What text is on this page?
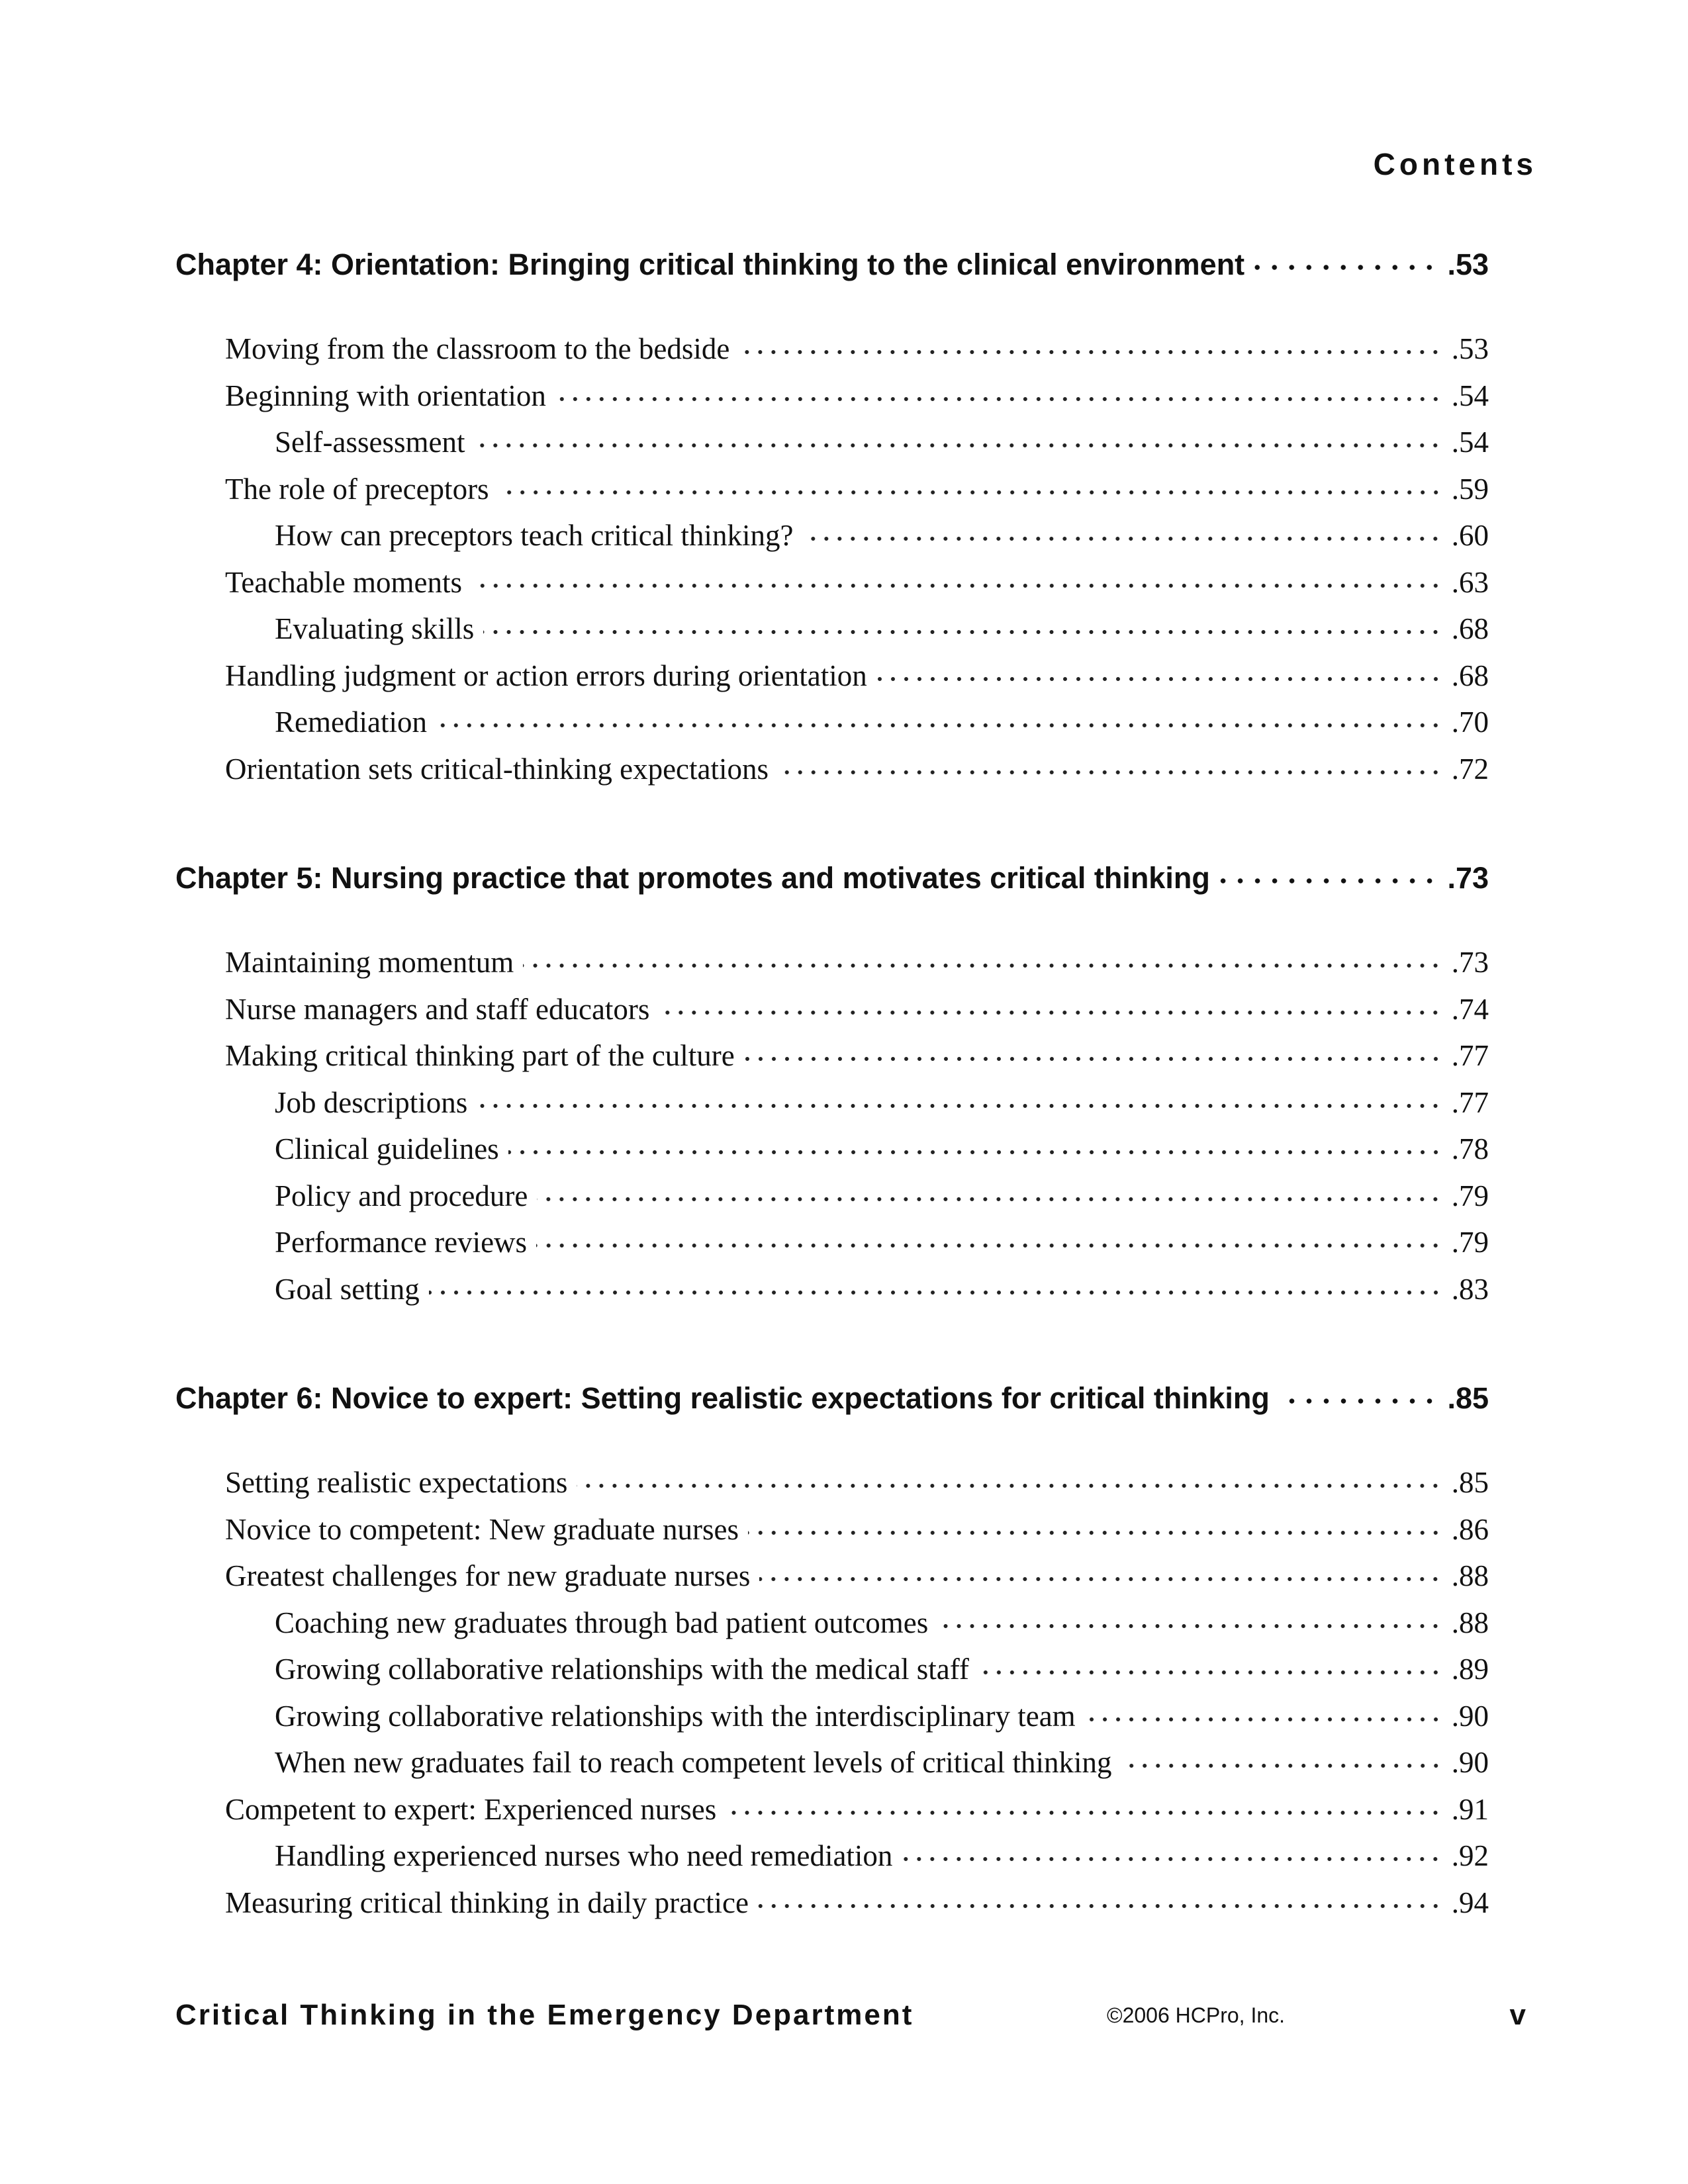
Contents
Chapter 4: Orientation: Bringing critical thinking to the clinical environment	.53
Moving from the classroom to the bedside	.53
Beginning with orientation	.54
Self-assessment	.54
The role of preceptors	.59
How can preceptors teach critical thinking?	.60
Teachable moments	.63
Evaluating skills	.68
Handling judgment or action errors during orientation	.68
Remediation	.70
Orientation sets critical-thinking expectations	.72
Chapter 5: Nursing practice that promotes and motivates critical thinking	.73
Maintaining momentum	.73
Nurse managers and staff educators	.74
Making critical thinking part of the culture	.77
Job descriptions	.77
Clinical guidelines	.78
Policy and procedure	.79
Performance reviews	.79
Goal setting	.83
Chapter 6: Novice to expert: Setting realistic expectations for critical thinking	.85
Setting realistic expectations	.85
Novice to competent: New graduate nurses	.86
Greatest challenges for new graduate nurses	.88
Coaching new graduates through bad patient outcomes	.88
Growing collaborative relationships with the medical staff	.89
Growing collaborative relationships with the interdisciplinary team	.90
When new graduates fail to reach competent levels of critical thinking	.90
Competent to expert: Experienced nurses	.91
Handling experienced nurses who need remediation	.92
Measuring critical thinking in daily practice	.94
Critical Thinking in the Emergency Department	©2006 HCPro, Inc.	v
